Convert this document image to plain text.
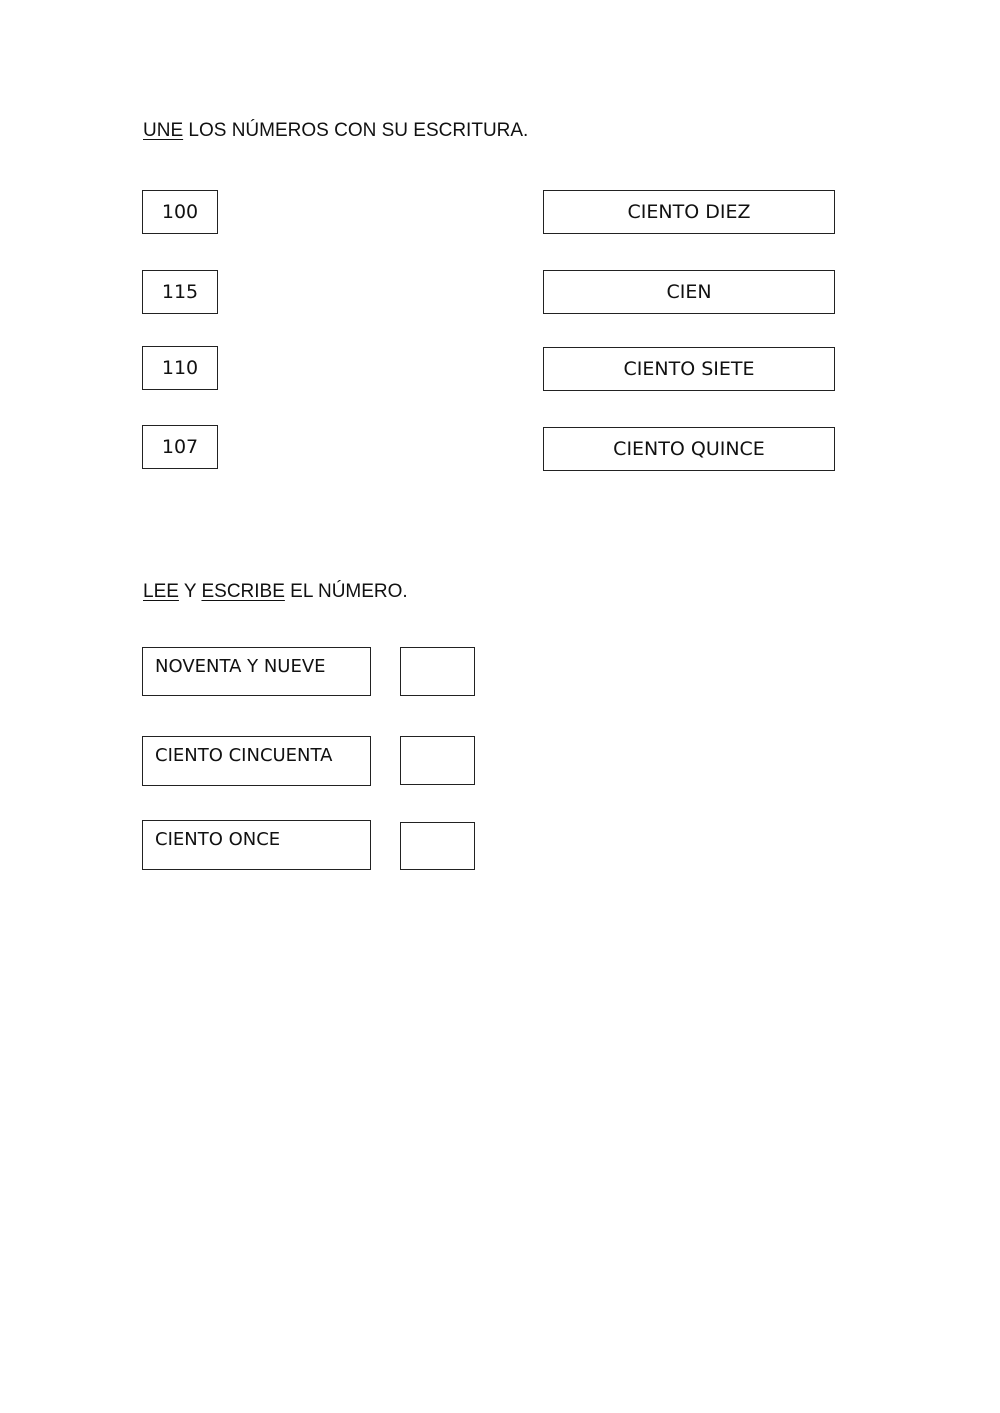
UNE LOS NÚMEROS CON SU ESCRITURA.
100
115
110
107
CIENTO DIEZ
CIEN
CIENTO SIETE
CIENTO QUINCE
LEE Y ESCRIBE EL NÚMERO.
NOVENTA Y NUEVE
CIENTO CINCUENTA
CIENTO ONCE
